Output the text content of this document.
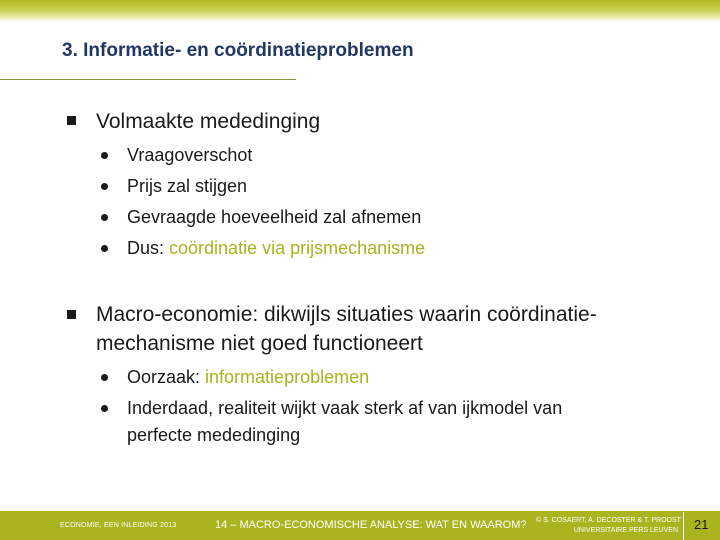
3. Informatie- en coördinatieproblemen
Volmaakte mededinging
Vraagoverschot
Prijs zal stijgen
Gevraagde hoeveelheid zal afnemen
Dus: coördinatie via prijsmechanisme
Macro-economie: dikwijls situaties waarin coördinatie-
mechanisme niet goed functioneert
Oorzaak: informatieproblemen
Inderdaad, realiteit wijkt vaak sterk af van ijkmodel van
perfecte mededinging
ECONOMIE, EEN INLEIDING 2013	14 – MACRO-ECONOMISCHE ANALYSE: WAT EN WAAROM? © S. COSAERT, A. DECOSTER & T. PROOST
UNIVERSITAIRE PERS LEUVEN 21
